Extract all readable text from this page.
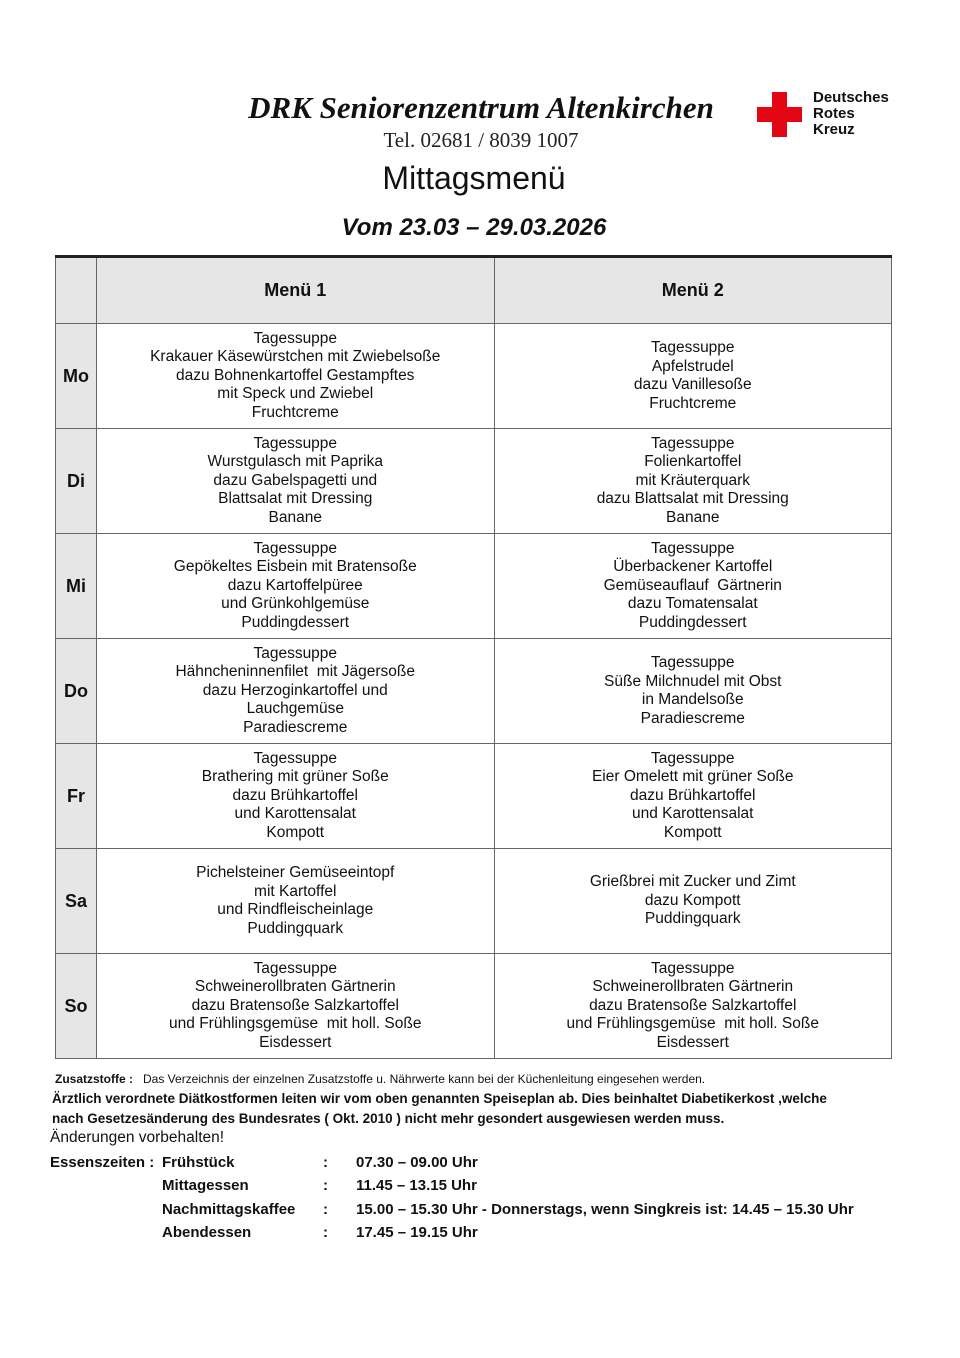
DRK Seniorenzentrum Altenkirchen
Tel. 02681 / 8039 1007
Mittagsmenü
Vom 23.03 – 29.03.2026
Deutsches
Rotes
Kreuz
	Menü 1	Menü 2
Mo	Tagessuppe
Krakauer Käsewürstchen mit Zwiebelsoße
dazu Bohnenkartoffel Gestampftes
mit Speck und Zwiebel
Fruchtcreme	Tagessuppe
Apfelstrudel
dazu Vanillesoße
Fruchtcreme

Di	Tagessuppe
Wurstgulasch mit Paprika
dazu Gabelspagetti und
Blattsalat mit Dressing
Banane	Tagessuppe
Folienkartoffel
mit Kräuterquark
dazu Blattsalat mit Dressing
Banane

Mi	Tagessuppe
Gepökeltes Eisbein mit Bratensoße
dazu Kartoffelpüree
und Grünkohlgemüse
Puddingdessert	Tagessuppe
Überbackener Kartoffel
Gemüseauflauf  Gärtnerin
dazu Tomatensalat
Puddingdessert

Do	Tagessuppe
Hähncheninnenfilet  mit Jägersoße
dazu Herzoginkartoffel und
Lauchgemüse
Paradiescreme	Tagessuppe
Süße Milchnudel mit Obst
in Mandelsoße
Paradiescreme

Fr	Tagessuppe
Brathering mit grüner Soße
dazu Brühkartoffel
und Karottensalat
Kompott	Tagessuppe
Eier Omelett mit grüner Soße
dazu Brühkartoffel
und Karottensalat
Kompott

Sa	Pichelsteiner Gemüseeintopf
mit Kartoffel
und Rindfleischeinlage
Puddingquark	Grießbrei mit Zucker und Zimt
dazu Kompott
Puddingquark

So	Tagessuppe
Schweinerollbraten Gärtnerin
dazu Bratensoße Salzkartoffel
und Frühlingsgemüse  mit holl. Soße
Eisdessert	Tagessuppe
Schweinerollbraten Gärtnerin
dazu Bratensoße Salzkartoffel
und Frühlingsgemüse  mit holl. Soße
Eisdessert
Zusatzstoffe : Das Verzeichnis der einzelnen Zusatzstoffe u. Nährwerte kann bei der Küchenleitung eingesehen werden.
Ärztlich verordnete Diätkostformen leiten wir vom oben genannten Speiseplan ab. Dies beinhaltet Diabetikerkost ,welche
nach Gesetzesänderung des Bundesrates ( Okt. 2010 ) nicht mehr gesondert ausgewiesen werden muss.
Änderungen vorbehalten!
Essenszeiten : Frühstück	: 07.30 – 09.00 Uhr
Mittagessen	: 11.45 – 13.15 Uhr
Nachmittagskaffee : 15.00 – 15.30 Uhr - Donnerstags, wenn Singkreis ist: 14.45 – 15.30 Uhr
Abendessen	: 17.45 – 19.15 Uhr
